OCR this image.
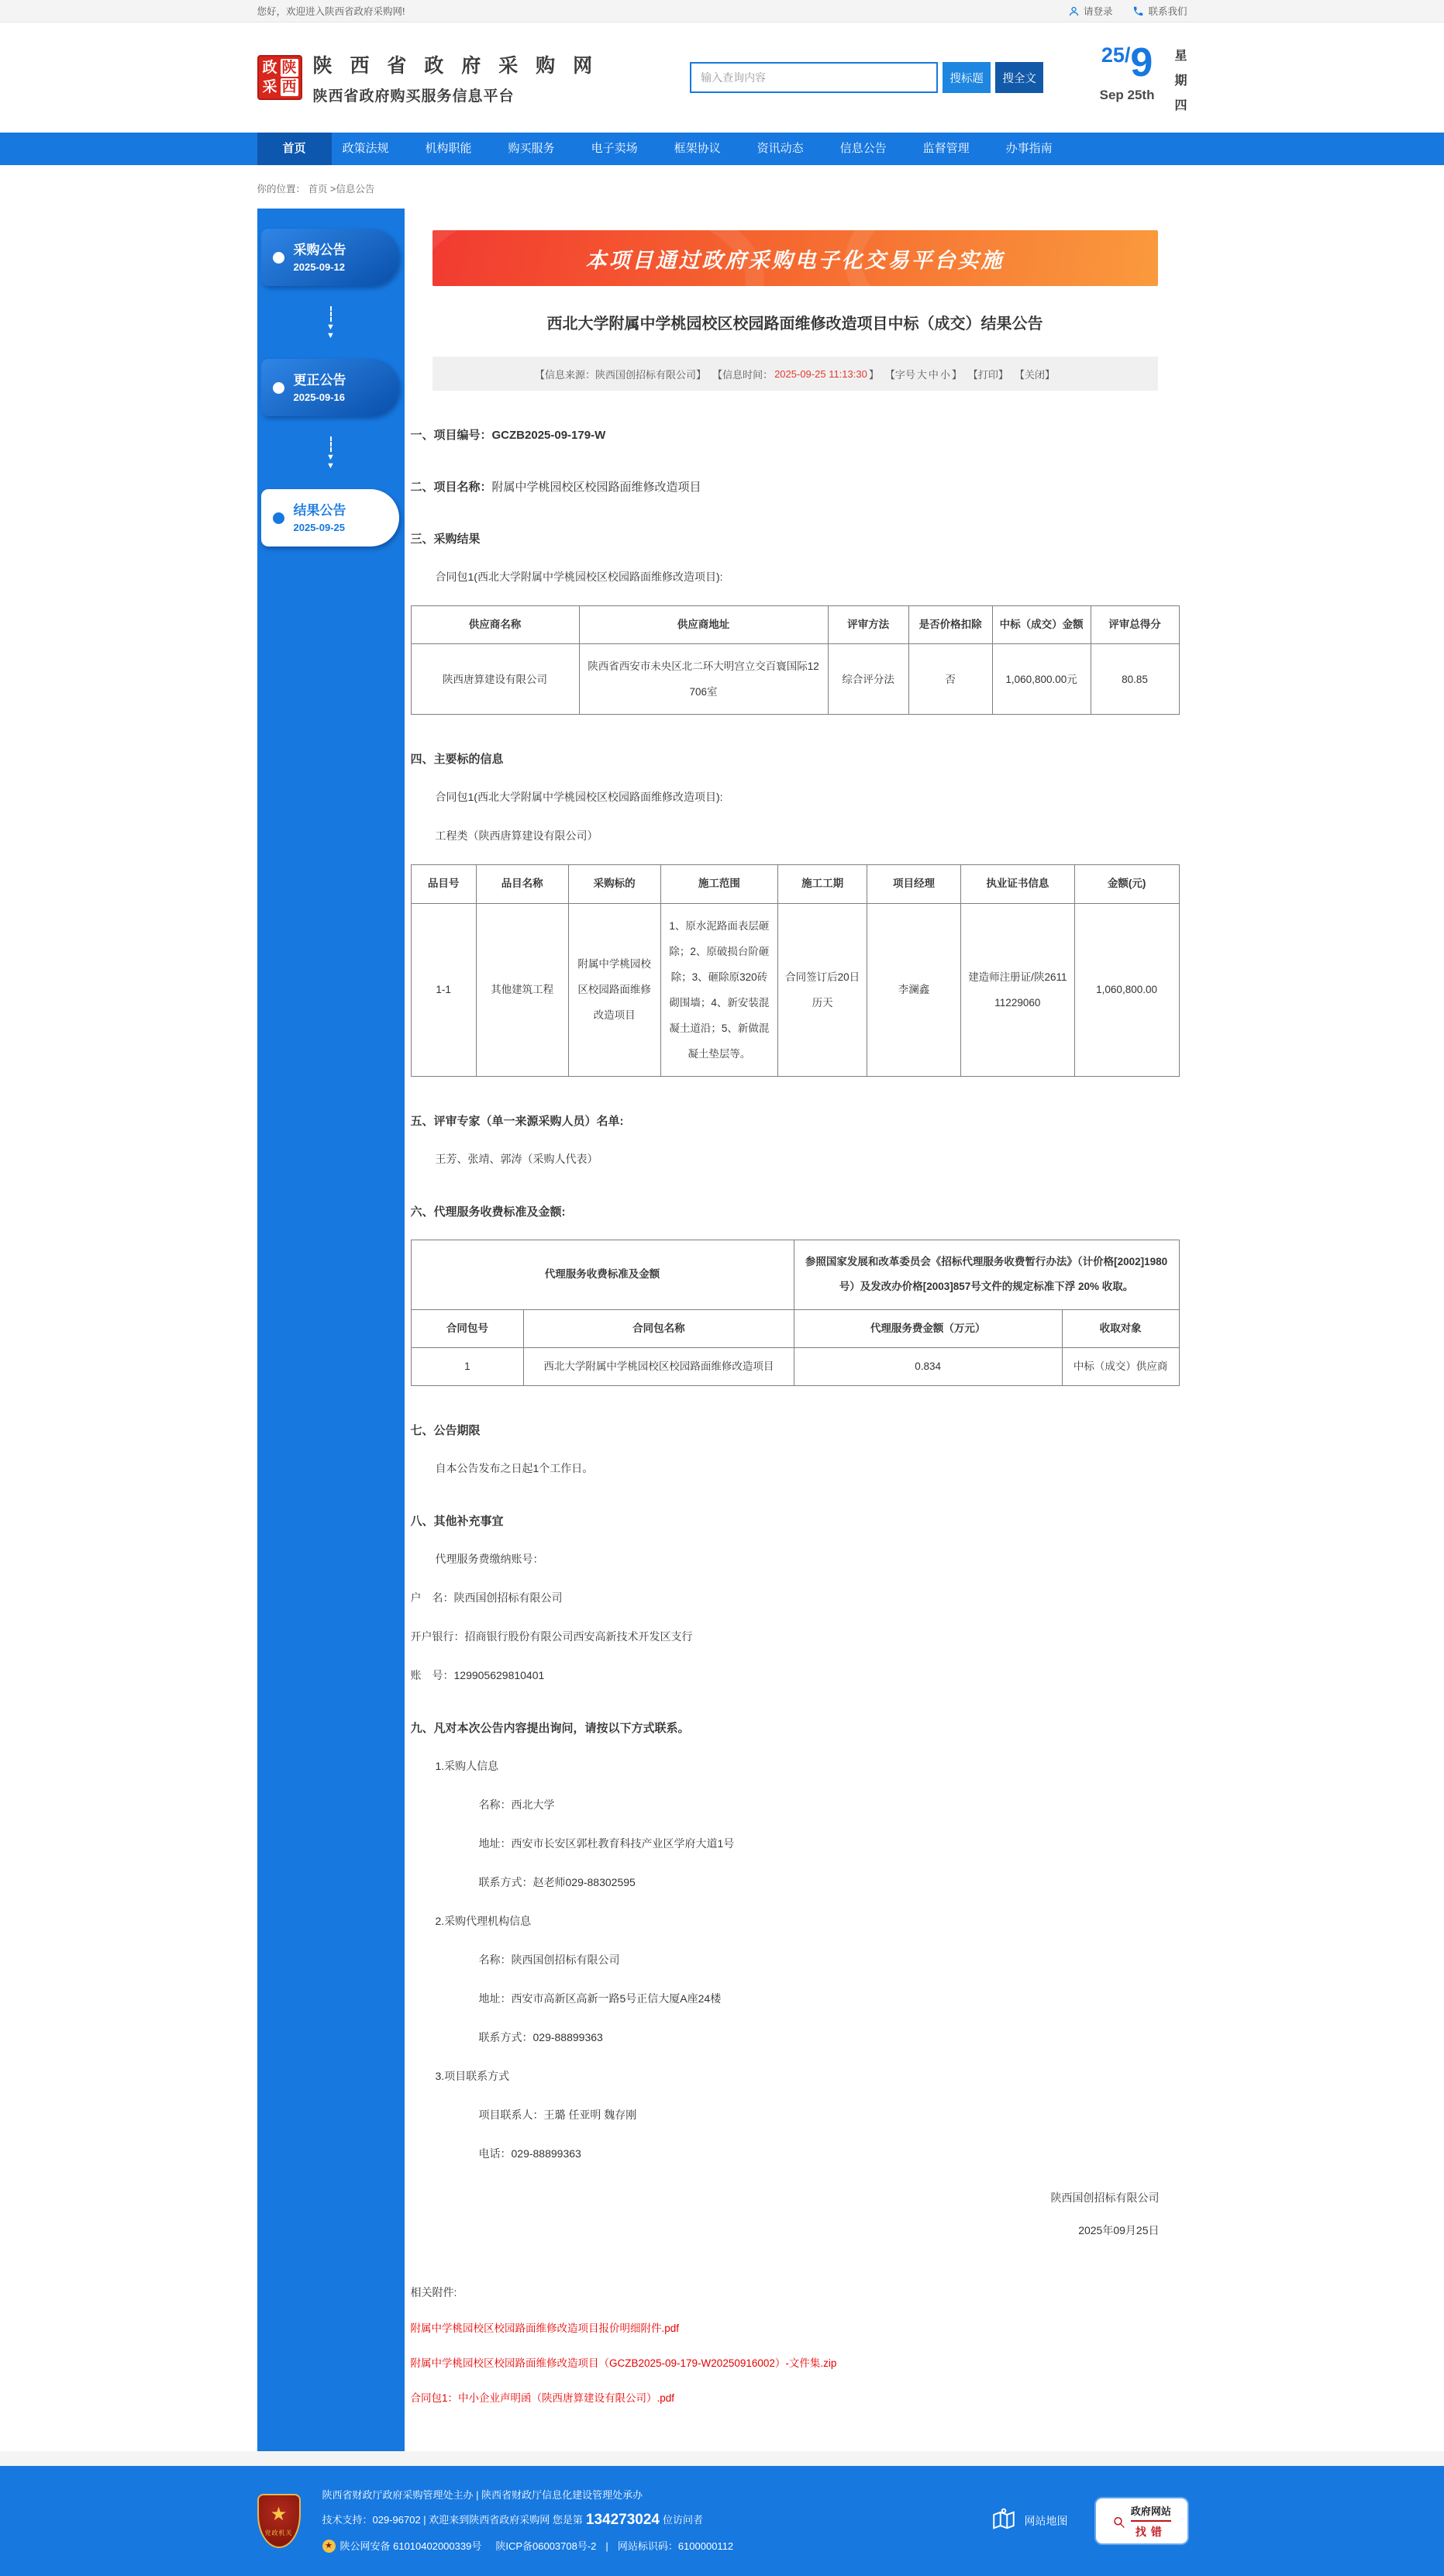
您好，欢迎进入陕西省政府采购网!	请登录	联系我们
政 陕
采 西
陕 西 省 政 府 采 购 网
陕西省政府购买服务信息平台
输入查询内容
搜标题	搜全文
25/9
Sep 25th
星
期
四
首页	政策法规	机构职能	购买服务	电子卖场	框架协议	资讯动态	信息公告	监督管理	办事指南
你的位置： 首页 >信息公告
采购公告
2025-09-12
▼
▼
更正公告
2025-09-16
▼
▼
结果公告
2025-09-25
本项目通过政府采购电子化交易平台实施
西北大学附属中学桃园校区校园路面维修改造项目中标（成交）结果公告
【信息来源：陕西国创招标有限公司】 【信息时间： 2025-09-25 11:13:30 】 【字号 大 中 小 】 【打印】 【关闭】
一、项目编号：GCZB2025-09-179-W
二、项目名称：附属中学桃园校区校园路面维修改造项目
三、采购结果

合同包1(西北大学附属中学桃园校区校园路面维修改造项目):

供应商名称	供应商地址	评审方法	是否价格扣除	中标（成交）金额	评审总得分
陕西唐算建设有限公司	陕西省西安市未央区北二环大明宫立交百寰国际12706室	综合评分法	否	1,060,800.00元	80.85
四、主要标的信息

合同包1(西北大学附属中学桃园校区校园路面维修改造项目):

工程类（陕西唐算建设有限公司）

品目号	品目名称	采购标的	施工范围	施工工期	项目经理	执业证书信息	金额(元)
1-1	其他建筑工程	附属中学桃园校区校园路面维修改造项目	1、原水泥路面表层砸除；2、原破损台阶砸除；3、砸除原320砖砌围墙；4、新安装混凝土道沿；5、新做混凝土垫层等。	合同签订后20日历天	李澜鑫	建造师注册证/陕261111229060	1,060,800.00
五、评审专家（单一来源采购人员）名单:

王芳、张靖、郭涛（采购人代表）

六、代理服务收费标准及金额:
代理服务收费标准及金额		参照国家发展和改革委员会《招标代理服务收费暂行办法》（计价格[2002]1980号）及发改办价格[2003]857号文件的规定标准下浮 20% 收取。	
合同包号	合同包名称	代理服务费金额（万元）	收取对象
1	西北大学附属中学桃园校区校园路面维修改造项目	0.834	中标（成交）供应商
七、公告期限

自本公告发布之日起1个工作日。

八、其他补充事宜

代理服务费缴纳账号：

户　名：陕西国创招标有限公司

开户银行：招商银行股份有限公司西安高新技术开发区支行

账　号：129905629810401

九、凡对本次公告内容提出询问，请按以下方式联系。

1.采购人信息

名称：西北大学

地址：西安市长安区郭杜教育科技产业区学府大道1号

联系方式：赵老师029-88302595

2.采购代理机构信息

名称：陕西国创招标有限公司

地址：西安市高新区高新一路5号正信大厦A座24楼

联系方式：029-88899363

3.项目联系方式

项目联系人：王璐 任亚明 魏存刚

电话：029-88899363

陕西国创招标有限公司
2025年09月25日
相关附件:
附属中学桃园校区校园路面维修改造项目报价明细附件.pdf
附属中学桃园校区校园路面维修改造项目（GCZB2025-09-179-W20250916002）-文件集.zip
合同包1：中小企业声明函（陕西唐算建设有限公司）.pdf
★
党政机关
陕西省财政厅政府采购管理处主办 | 陕西省财政厅信息化建设管理处承办
技术支持：029-96702 | 欢迎来到陕西省政府采购网 您是第 134273024 位访问者
★ 陕公网安备 61010402000339号 陕ICP备06003708号-2 | 网站标识码：6100000112
网站地图 ⌕ 政府网站
找错
